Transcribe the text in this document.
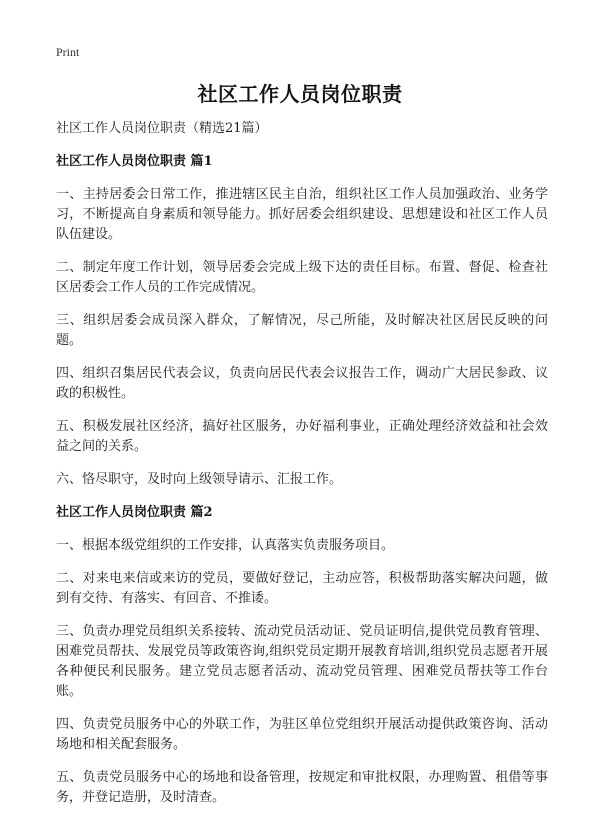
Print
社区工作人员岗位职责

社区工作人员岗位职责（精选21篇）

社区工作人员岗位职责 篇1

一、主持居委会日常工作，推进辖区民主自治，组织社区工作人员加强政治、业务学习，不断提高自身素质和领导能力。抓好居委会组织建设、思想建设和社区工作人员队伍建设。

二、制定年度工作计划，领导居委会完成上级下达的责任目标。布置、督促、检查社区居委会工作人员的工作完成情况。

三、组织居委会成员深入群众，了解情况，尽己所能，及时解决社区居民反映的问题。

四、组织召集居民代表会议，负责向居民代表会议报告工作，调动广大居民参政、议政的积极性。

五、积极发展社区经济，搞好社区服务，办好福利事业，正确处理经济效益和社会效益之间的关系。

六、恪尽职守，及时向上级领导请示、汇报工作。

社区工作人员岗位职责 篇2

一、根据本级党组织的工作安排，认真落实负责服务项目。

二、对来电来信或来访的党员，要做好登记，主动应答，积极帮助落实解决问题，做到有交待、有落实、有回音、不推诿。

三、负责办理党员组织关系接转、流动党员活动证、党员证明信,提供党员教育管理、困难党员帮扶、发展党员等政策咨询,组织党员定期开展教育培训,组织党员志愿者开展各种便民利民服务。建立党员志愿者活动、流动党员管理、困难党员帮扶等工作台账。

四、负责党员服务中心的外联工作，为驻区单位党组织开展活动提供政策咨询、活动场地和相关配套服务。

五、负责党员服务中心的场地和设备管理，按规定和审批权限，办理购置、租借等事务，并登记造册，及时清查。
